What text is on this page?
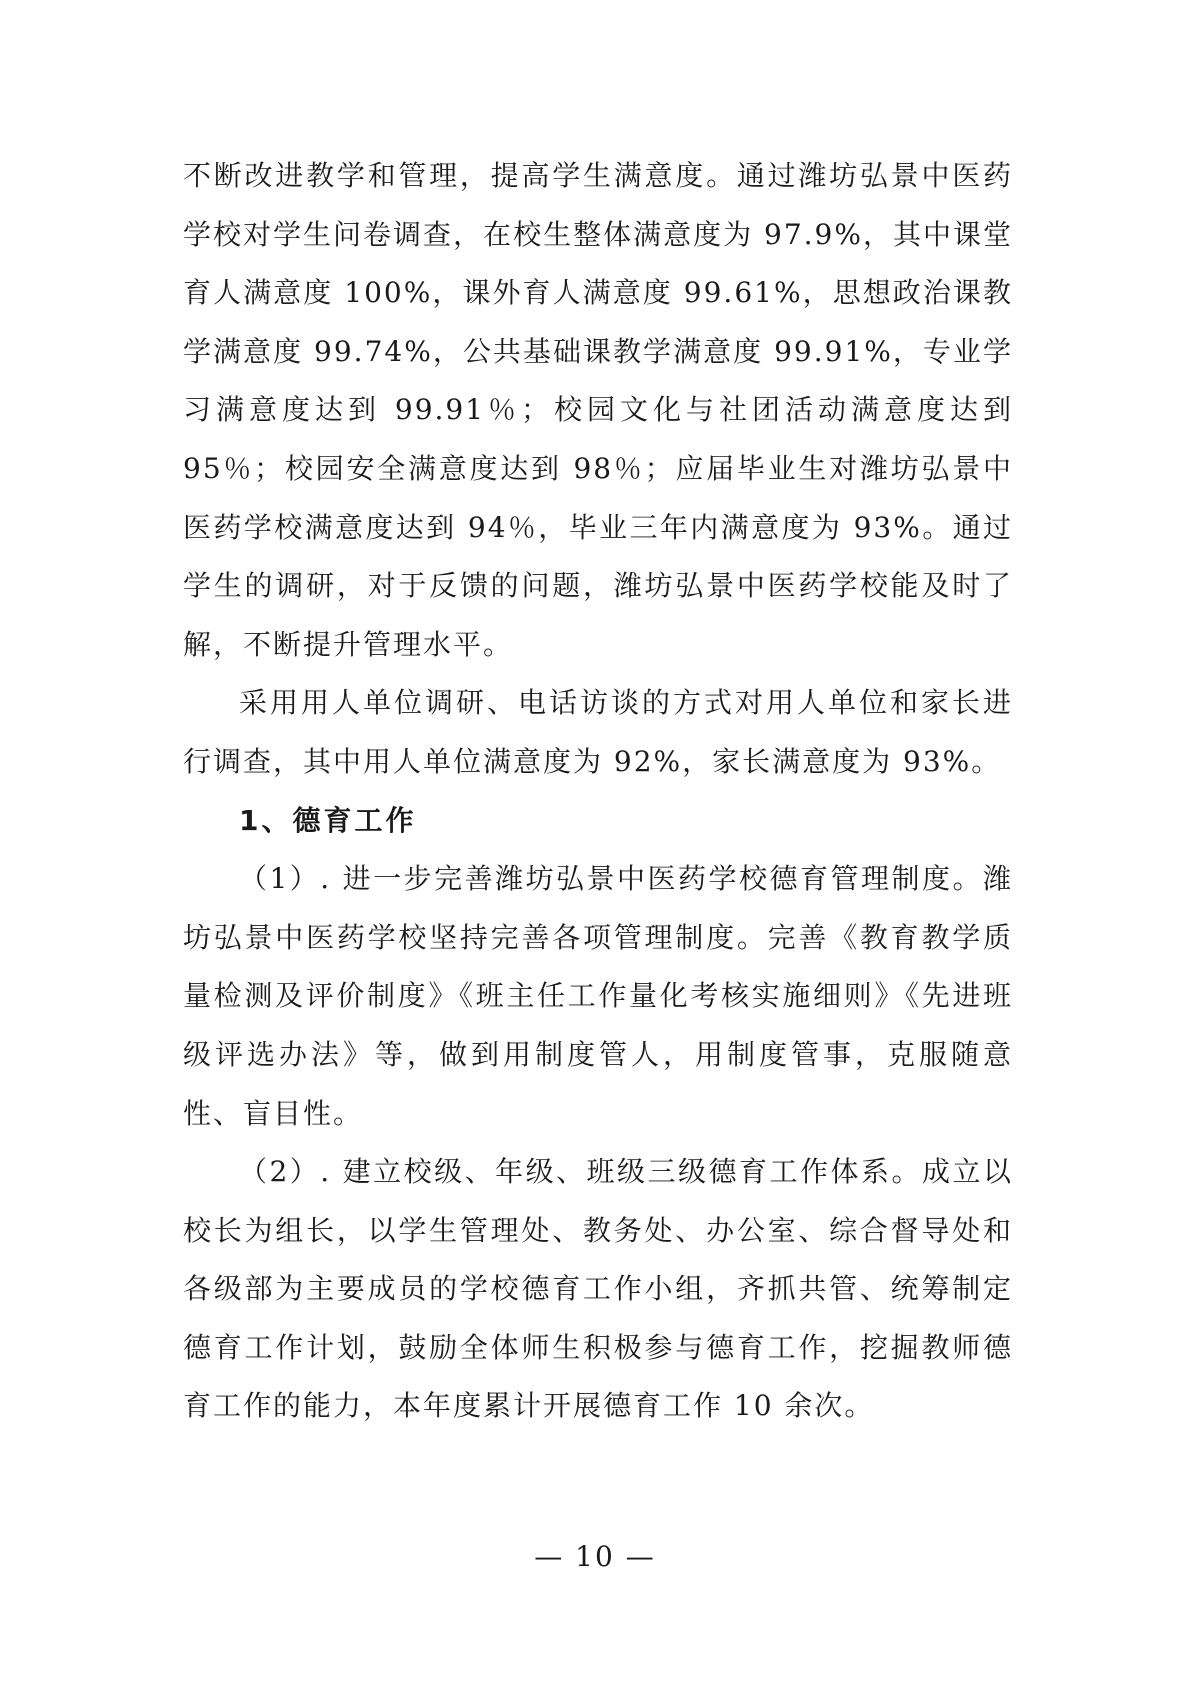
不断改进教学和管理，提高学生满意度。通过潍坊弘景中医药学校对学生问卷调查，在校生整体满意度为 97.9%，其中课堂育人满意度 100%，课外育人满意度 99.61%，思想政治课教学满意度 99.74%，公共基础课教学满意度 99.91%，专业学习满意度达到 99.91％；校园文化与社团活动满意度达到 95％；校园安全满意度达到 98％；应届毕业生对潍坊弘景中医药学校满意度达到 94％，毕业三年内满意度为 93%。通过学生的调研，对于反馈的问题，潍坊弘景中医药学校能及时了解，不断提升管理水平。

采用用人单位调研、电话访谈的方式对用人单位和家长进行调查，其中用人单位满意度为 92%，家长满意度为 93%。

1、德育工作

（1）. 进一步完善潍坊弘景中医药学校德育管理制度。潍坊弘景中医药学校坚持完善各项管理制度。完善《教育教学质量检测及评价制度》《班主任工作量化考核实施细则》《先进班级评选办法》等，做到用制度管人，用制度管事，克服随意性、盲目性。

（2）. 建立校级、年级、班级三级德育工作体系。成立以校长为组长，以学生管理处、教务处、办公室、综合督导处和各级部为主要成员的学校德育工作小组，齐抓共管、统筹制定德育工作计划，鼓励全体师生积极参与德育工作，挖掘教师德育工作的能力，本年度累计开展德育工作 10 余次。

— 10 —
